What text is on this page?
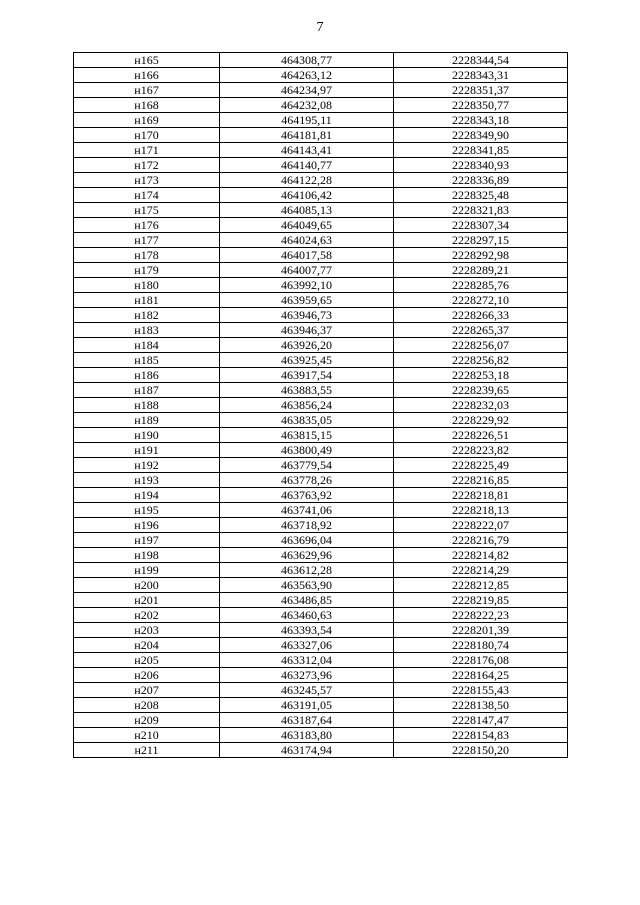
7
н165	464308,77	2228344,54
н166	464263,12	2228343,31
н167	464234,97	2228351,37
н168	464232,08	2228350,77
н169	464195,11	2228343,18
н170	464181,81	2228349,90
н171	464143,41	2228341,85
н172	464140,77	2228340,93
н173	464122,28	2228336,89
н174	464106,42	2228325,48
н175	464085,13	2228321,83
н176	464049,65	2228307,34
н177	464024,63	2228297,15
н178	464017,58	2228292,98
н179	464007,77	2228289,21
н180	463992,10	2228285,76
н181	463959,65	2228272,10
н182	463946,73	2228266,33
н183	463946,37	2228265,37
н184	463926,20	2228256,07
н185	463925,45	2228256,82
н186	463917,54	2228253,18
н187	463883,55	2228239,65
н188	463856,24	2228232,03
н189	463835,05	2228229,92
н190	463815,15	2228226,51
н191	463800,49	2228223,82
н192	463779,54	2228225,49
н193	463778,26	2228216,85
н194	463763,92	2228218,81
н195	463741,06	2228218,13
н196	463718,92	2228222,07
н197	463696,04	2228216,79
н198	463629,96	2228214,82
н199	463612,28	2228214,29
н200	463563,90	2228212,85
н201	463486,85	2228219,85
н202	463460,63	2228222,23
н203	463393,54	2228201,39
н204	463327,06	2228180,74
н205	463312,04	2228176,08
н206	463273,96	2228164,25
н207	463245,57	2228155,43
н208	463191,05	2228138,50
н209	463187,64	2228147,47
н210	463183,80	2228154,83
н211	463174,94	2228150,20
